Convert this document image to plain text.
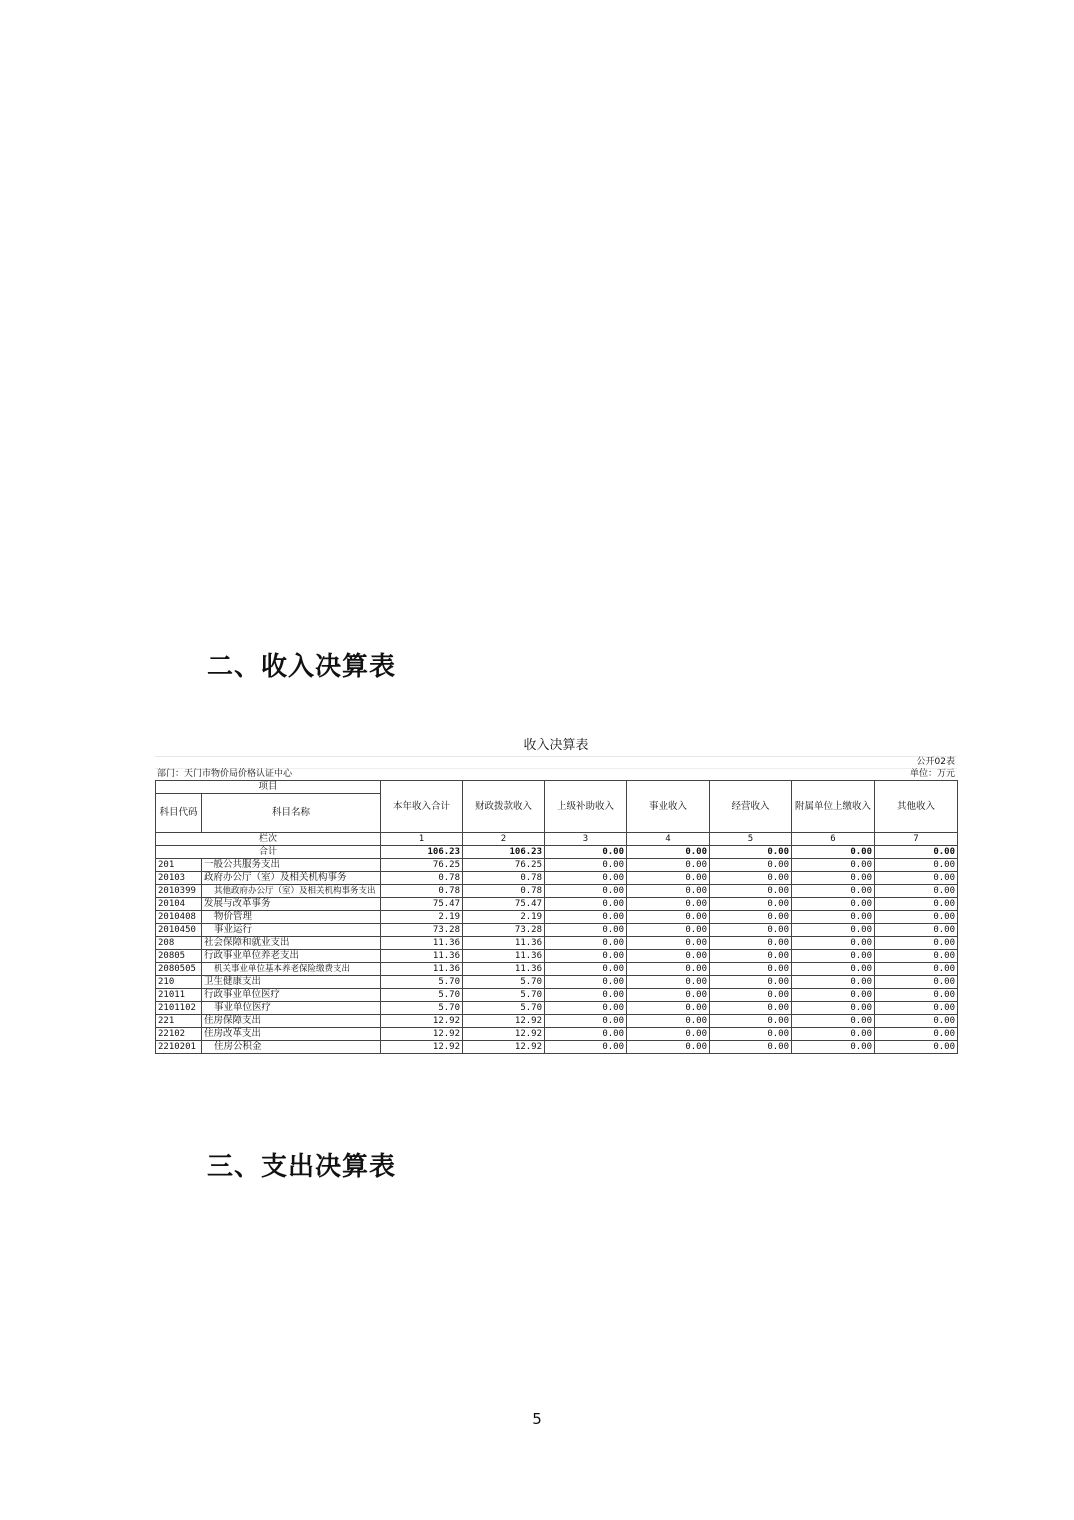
二、收入决算表
收入决算表
公开02表
部门：天门市物价局价格认证中心	单位：万元
项目		本年收入合计	财政拨款收入	上级补助收入	事业收入	经营收入	附属单位上缴收入	其他收入
科目代码	科目名称							
栏次		1	2	3	4	5	6	7
合计		106.23	106.23	0.00	0.00	0.00	0.00	0.00
201	一般公共服务支出	76.25	76.25	0.00	0.00	0.00	0.00	0.00
20103	政府办公厅（室）及相关机构事务	0.78	0.78	0.00	0.00	0.00	0.00	0.00
2010399	其他政府办公厅（室）及相关机构事务支出	0.78	0.78	0.00	0.00	0.00	0.00	0.00
20104	发展与改革事务	75.47	75.47	0.00	0.00	0.00	0.00	0.00
2010408	物价管理	2.19	2.19	0.00	0.00	0.00	0.00	0.00
2010450	事业运行	73.28	73.28	0.00	0.00	0.00	0.00	0.00
208	社会保障和就业支出	11.36	11.36	0.00	0.00	0.00	0.00	0.00
20805	行政事业单位养老支出	11.36	11.36	0.00	0.00	0.00	0.00	0.00
2080505	机关事业单位基本养老保险缴费支出	11.36	11.36	0.00	0.00	0.00	0.00	0.00
210	卫生健康支出	5.70	5.70	0.00	0.00	0.00	0.00	0.00
21011	行政事业单位医疗	5.70	5.70	0.00	0.00	0.00	0.00	0.00
2101102	事业单位医疗	5.70	5.70	0.00	0.00	0.00	0.00	0.00
221	住房保障支出	12.92	12.92	0.00	0.00	0.00	0.00	0.00
22102	住房改革支出	12.92	12.92	0.00	0.00	0.00	0.00	0.00
2210201	住房公积金	12.92	12.92	0.00	0.00	0.00	0.00	0.00
三、支出决算表
5
